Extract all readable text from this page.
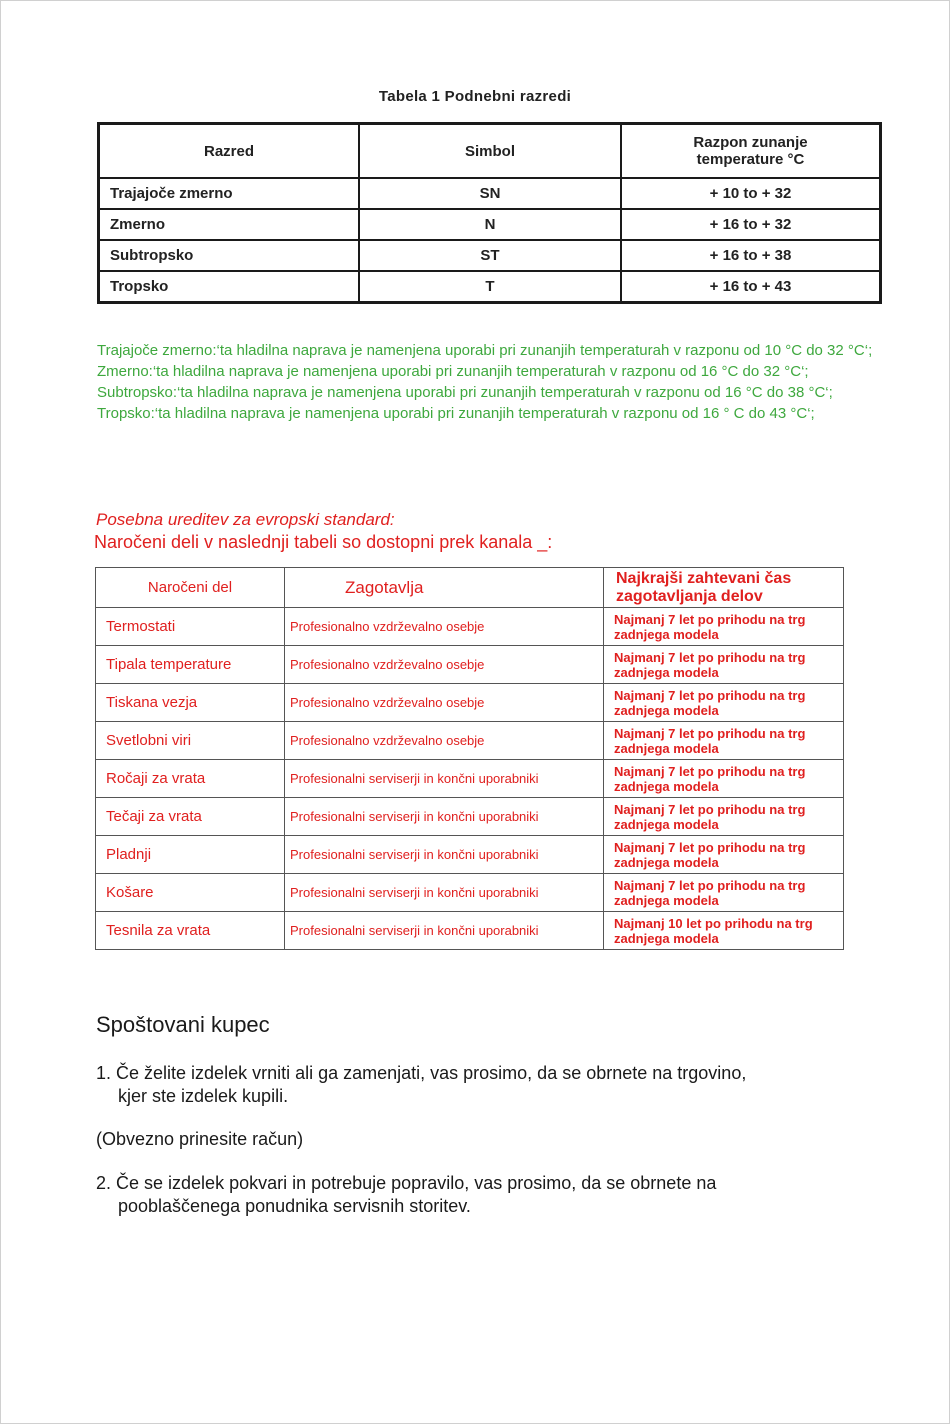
Tabela 1 Podnebni razredi
Razred	Simbol	Razpon zunanje
temperature °C
Trajajoče zmerno	SN	+ 10 to + 32
Zmerno	N	+ 16 to + 32
Subtropsko	ST	+ 16 to + 38
Tropsko	T	+ 16 to + 43

Trajajoče zmerno:‘ta hladilna naprava je namenjena uporabi pri zunanjih temperaturah v razponu od 10 °C do 32 °C‘;

Zmerno:‘ta hladilna naprava je namenjena uporabi pri zunanjih temperaturah v razponu od 16 °C do 32 °C‘;

Subtropsko:‘ta hladilna naprava je namenjena uporabi pri zunanjih temperaturah v razponu od 16 °C do 38 °C‘;

Tropsko:‘ta hladilna naprava je namenjena uporabi pri zunanjih temperaturah v razponu od 16 ° C do 43 °C‘;

Posebna ureditev za evropski standard:
Naročeni deli v naslednji tabeli so dostopni prek kanala _:
Naročeni del	Zagotavlja	Najkrajši zahtevani čas zagotavljanja delov
Termostati	Profesionalno vzdrževalno osebje	Najmanj 7 let po prihodu na trg zadnjega modela
Tipala temperature	Profesionalno vzdrževalno osebje	Najmanj 7 let po prihodu na trg zadnjega modela
Tiskana vezja	Profesionalno vzdrževalno osebje	Najmanj 7 let po prihodu na trg zadnjega modela
Svetlobni viri	Profesionalno vzdrževalno osebje	Najmanj 7 let po prihodu na trg zadnjega modela
Ročaji za vrata	Profesionalni serviserji in končni uporabniki	Najmanj 7 let po prihodu na trg zadnjega modela
Tečaji za vrata	Profesionalni serviserji in končni uporabniki	Najmanj 7 let po prihodu na trg zadnjega modela
Pladnji	Profesionalni serviserji in končni uporabniki	Najmanj 7 let po prihodu na trg zadnjega modela
Košare	Profesionalni serviserji in končni uporabniki	Najmanj 7 let po prihodu na trg zadnjega modela
Tesnila za vrata	Profesionalni serviserji in končni uporabniki	Najmanj 10 let po prihodu na trg zadnjega modela
Spoštovani kupec
1. Če želite izdelek vrniti ali ga zamenjati, vas prosimo, da se obrnete na trgovino,
kjer ste izdelek kupili.
(Obvezno prinesite račun)
2. Če se izdelek pokvari in potrebuje popravilo, vas prosimo, da se obrnete na
pooblaščenega ponudnika servisnih storitev.
